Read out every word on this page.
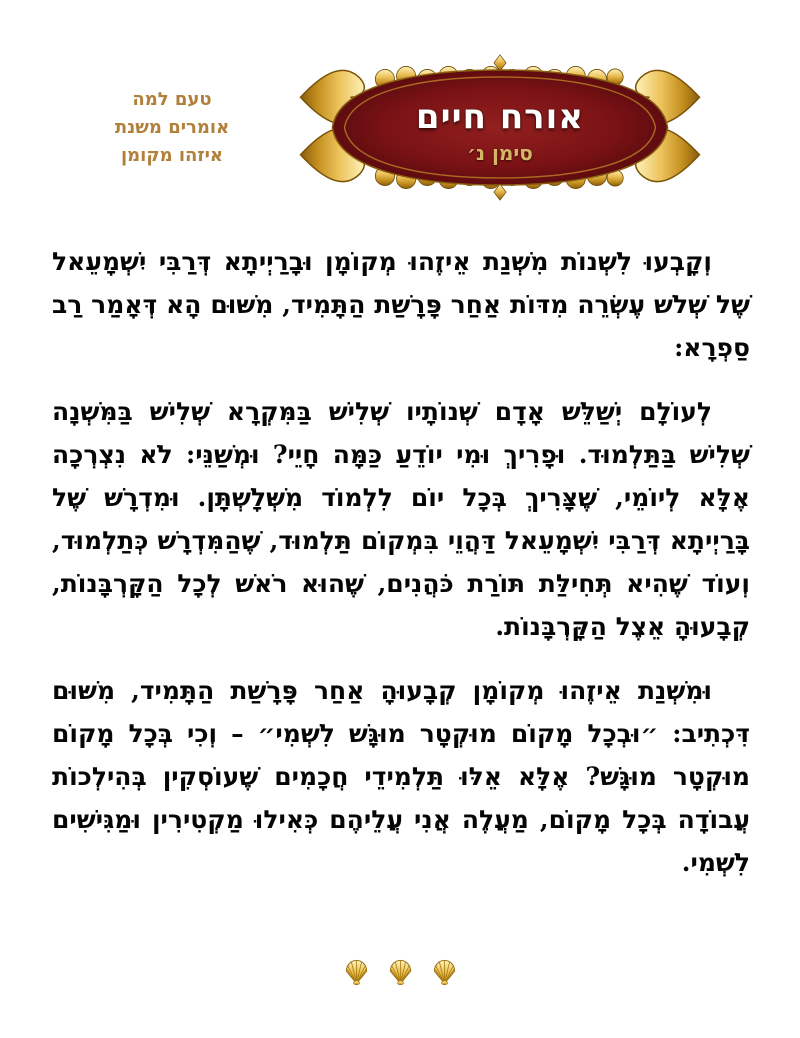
טעם למה
אומרים משנת
איזהו מקומן
אורח חיים
סימן נ׳

וְקָבְעוּ לִשְׁנוֹת מִשְׁנַת אֵיזֶהוּ מְקוֹמָן וּבָרַיְיתָא דְּרַבִּי יִשְׁמָעֵאל שֶׁל שְׁלֹשׁ עֶשְׂרֵה מִדּוֹת אַחַר פָּרָשַׁת הַתָּמִיד, מִשּׁוּם הָא דְּאָמַר רַב סַפְרָא:

לְעוֹלָם יְשַׁלֵּשׁ אָדָם שְׁנוֹתָיו שְׁלִישׁ בַּמִּקְרָא שְׁלִישׁ בַּמִּשְׁנָה שְׁלִישׁ בַּתַּלְמוּד. וּפָרִיךְ וּמִי יוֹדֵעַ כַּמָּה חָיֵי? וּמְשַׁנֵּי: לֹא נִצְרְכָה אֶלָּא לְיוֹמֵי, שֶׁצָּרִיךְ בְּכָל יוֹם לִלְמוֹד מִשְּׁלָשְׁתָּן. וּמִדְרָשׁ שֶׁל בָּרַיְיתָא דְּרַבִּי יִשְׁמָעֵאל דַּהֲוֵי בִּמְקוֹם תַּלְמוּד, שֶׁהַמִּדְרָשׁ כְּתַלְמוּד, וְעוֹד שֶׁהִיא תְּחִילַּת תּוֹרַת כֹּהֲנִים, שֶׁהוּא רֹאשׁ לְכָל הַקָּרְבָּנוֹת, קְבָעוּהָ אֵצֶל הַקָּרְבָּנוֹת.

וּמִשְׁנַת אֵיזֶהוּ מְקוֹמָן קְבָעוּהָ אַחַר פָּרָשַׁת הַתָּמִיד, מִשּׁוּם דִּכְתִיב: ״וּבְכָל מָקוֹם מוּקְטָר מוּגָּשׁ לִשְׁמִי״ – וְכִי בְּכָל מָקוֹם מוּקְטָר מוּגָּשׁ? אֶלָּא אֵלּוּ תַּלְמִידֵי חֲכָמִים שֶׁעוֹסְקִין בְּהִילְכוֹת עֲבוֹדָה בְּכָל מָקוֹם, מַעֲלֶה אֲנִי עֲלֵיהֶם כְּאִילוּ מַקְטִירִין וּמַגִּישִׁים לִשְׁמִי.
